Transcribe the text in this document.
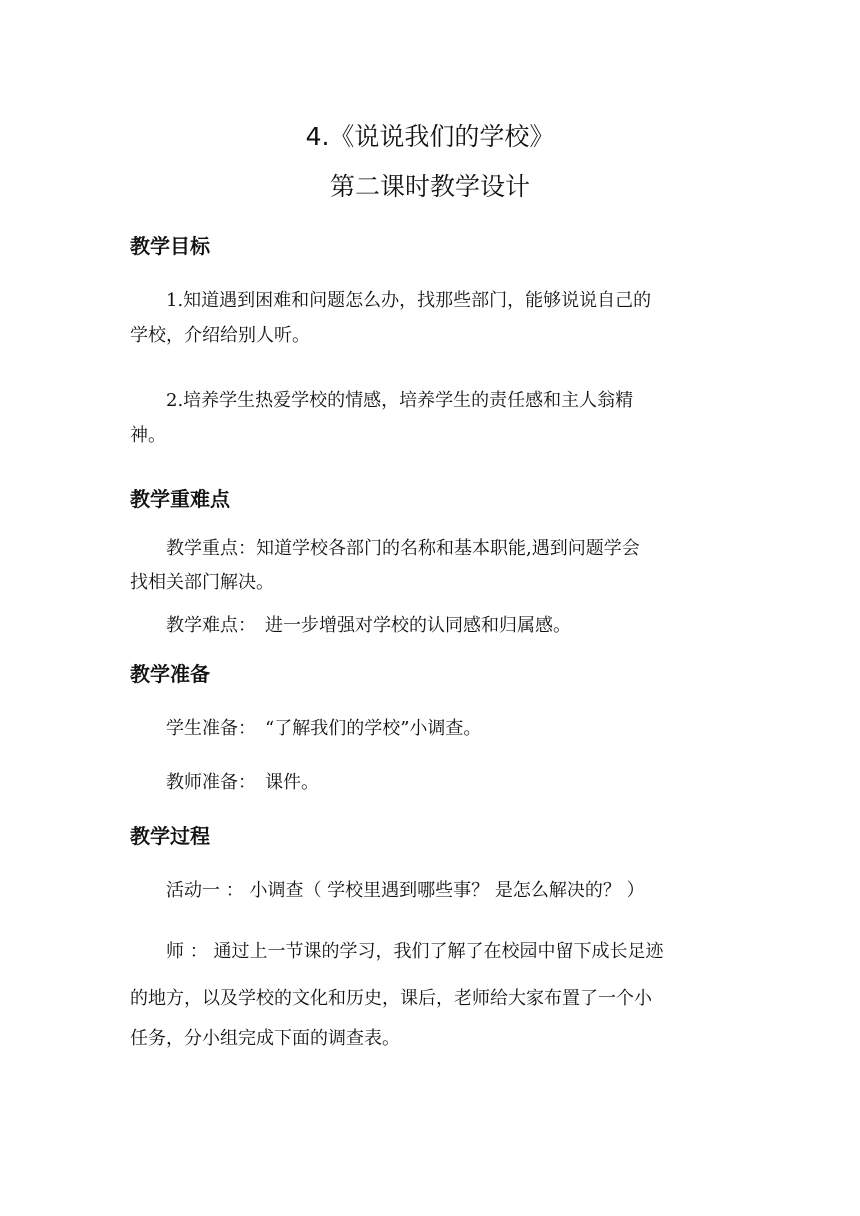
4.《说说我们的学校》
第二课时教学设计
教学目标

1.知道遇到困难和问题怎么办，找那些部门，能够说说自己的

学校，介绍给别人听。

2.培养学生热爱学校的情感，培养学生的责任感和主人翁精

神。

教学重难点

教学重点：知道学校各部门的名称和基本职能,遇到问题学会

找相关部门解决。

教学难点：　进一步增强对学校的认同感和归属感。

教学准备

学生准备：　“了解我们的学校”小调查。

教师准备：　课件。

教学过程

活动一 ： 小调查（ 学校里遇到哪些事？ 是怎么解决的？ ）

师 ： 通过上一节课的学习，我们了解了在校园中留下成长足迹

的地方，以及学校的文化和历史，课后，老师给大家布置了一个小

任务，分小组完成下面的调查表。
